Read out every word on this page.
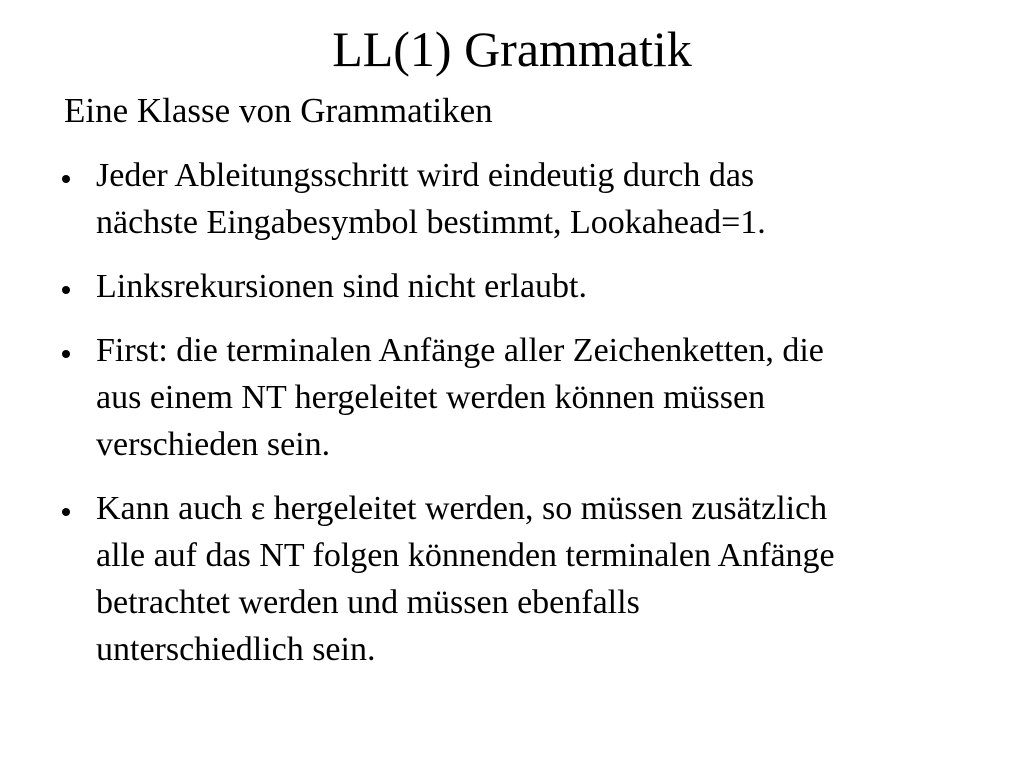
LL(1) Grammatik

Eine Klasse von Grammatiken

Jeder Ableitungsschritt wird eindeutig durch das
nächste Eingabesymbol bestimmt, Lookahead=1.
Linksrekursionen sind nicht erlaubt.
First: die terminalen Anfänge aller Zeichenketten, die
aus einem NT hergeleitet werden können müssen
verschieden sein.
Kann auch ε hergeleitet werden, so müssen zusätzlich
alle auf das NT folgen könnenden terminalen Anfänge
betrachtet werden und müssen ebenfalls
unterschiedlich sein.
